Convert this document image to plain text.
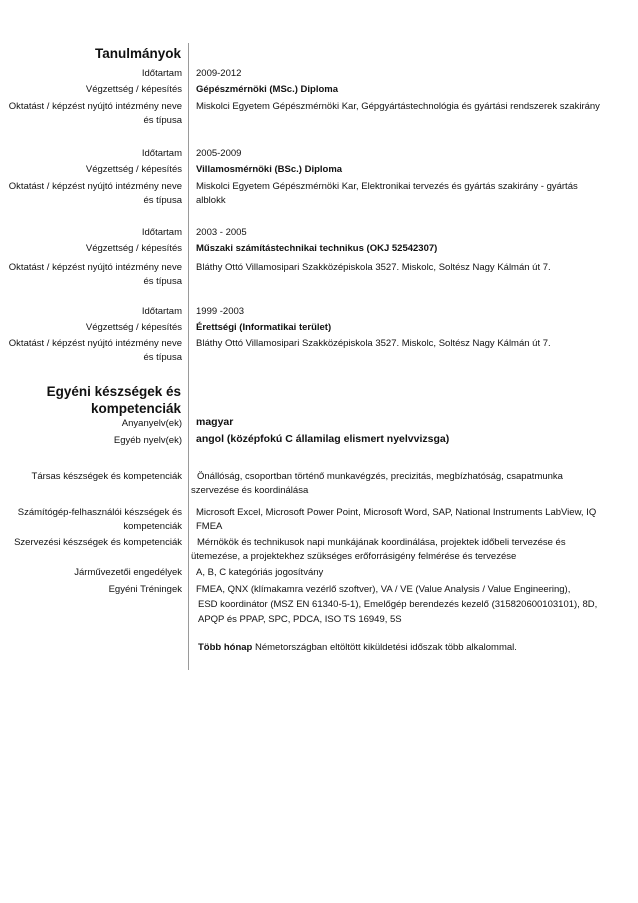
Tanulmányok
Időtartam 2009-2012
Végzettség / képesítés Gépészmérnöki (MSc.) Diploma
Oktatást / képzést nyújtó intézmény neve és típusa
Miskolci Egyetem Gépészmérnöki Kar, Gépgyártástechnológia és gyártási rendszerek szakirány
Időtartam 2005-2009
Végzettség / képesítés Villamosmérnöki (BSc.) Diploma
Oktatást / képzést nyújtó intézmény neve és típusa
Miskolci Egyetem Gépészmérnöki Kar, Elektronikai tervezés és gyártás szakirány - gyártás alblokk
Időtartam 2003 - 2005
Végzettség / képesítés Műszaki számítástechnikai technikus (OKJ 52542307)
Oktatást / képzést nyújtó intézmény neve és típusa
Bláthy Ottó Villamosipari Szakközépiskola 3527. Miskolc, Soltész Nagy Kálmán út 7.
Időtartam 1999 -2003
Végzettség / képesítés Érettségi (Informatikai terület)
Oktatást / képzést nyújtó intézmény neve és típusa
Bláthy Ottó Villamosipari Szakközépiskola 3527. Miskolc, Soltész Nagy Kálmán út 7.
Egyéni készségek és kompetenciák
Anyanyelv(ek) magyar
Egyéb nyelv(ek) angol (középfokú C államilag elismert nyelvvizsga)
Társas készségek és kompetenciák	Önállóság, csoportban történő munkavégzés, precizitás, megbízhatóság, csapatmunka szervezése és koordinálása
Számítógép-felhasználói készségek és kompetenciák
Microsoft Excel, Microsoft Power Point, Microsoft Word, SAP, National Instruments LabView, IQ FMEA
Szervezési készségek és kompetenciák	Mérnökök és technikusok napi munkájának koordinálása, projektek időbeli tervezése és ütemezése, a projektekhez szükséges erőforrásigény felmérése és tervezése
Járművezetői engedélyek A, B, C kategóriás jogosítvány
Egyéni Tréningek FMEA, QNX (klímakamra vezérlő szoftver), VA / VE (Value Analysis / Value Engineering),
ESD koordinátor (MSZ EN 61340-5-1), Emelőgép berendezés kezelő (315820600103101), 8D,
APQP és PPAP, SPC, PDCA, ISO TS 16949, 5S
Több hónap Németországban eltöltött kiküldetési időszak több alkalommal.
